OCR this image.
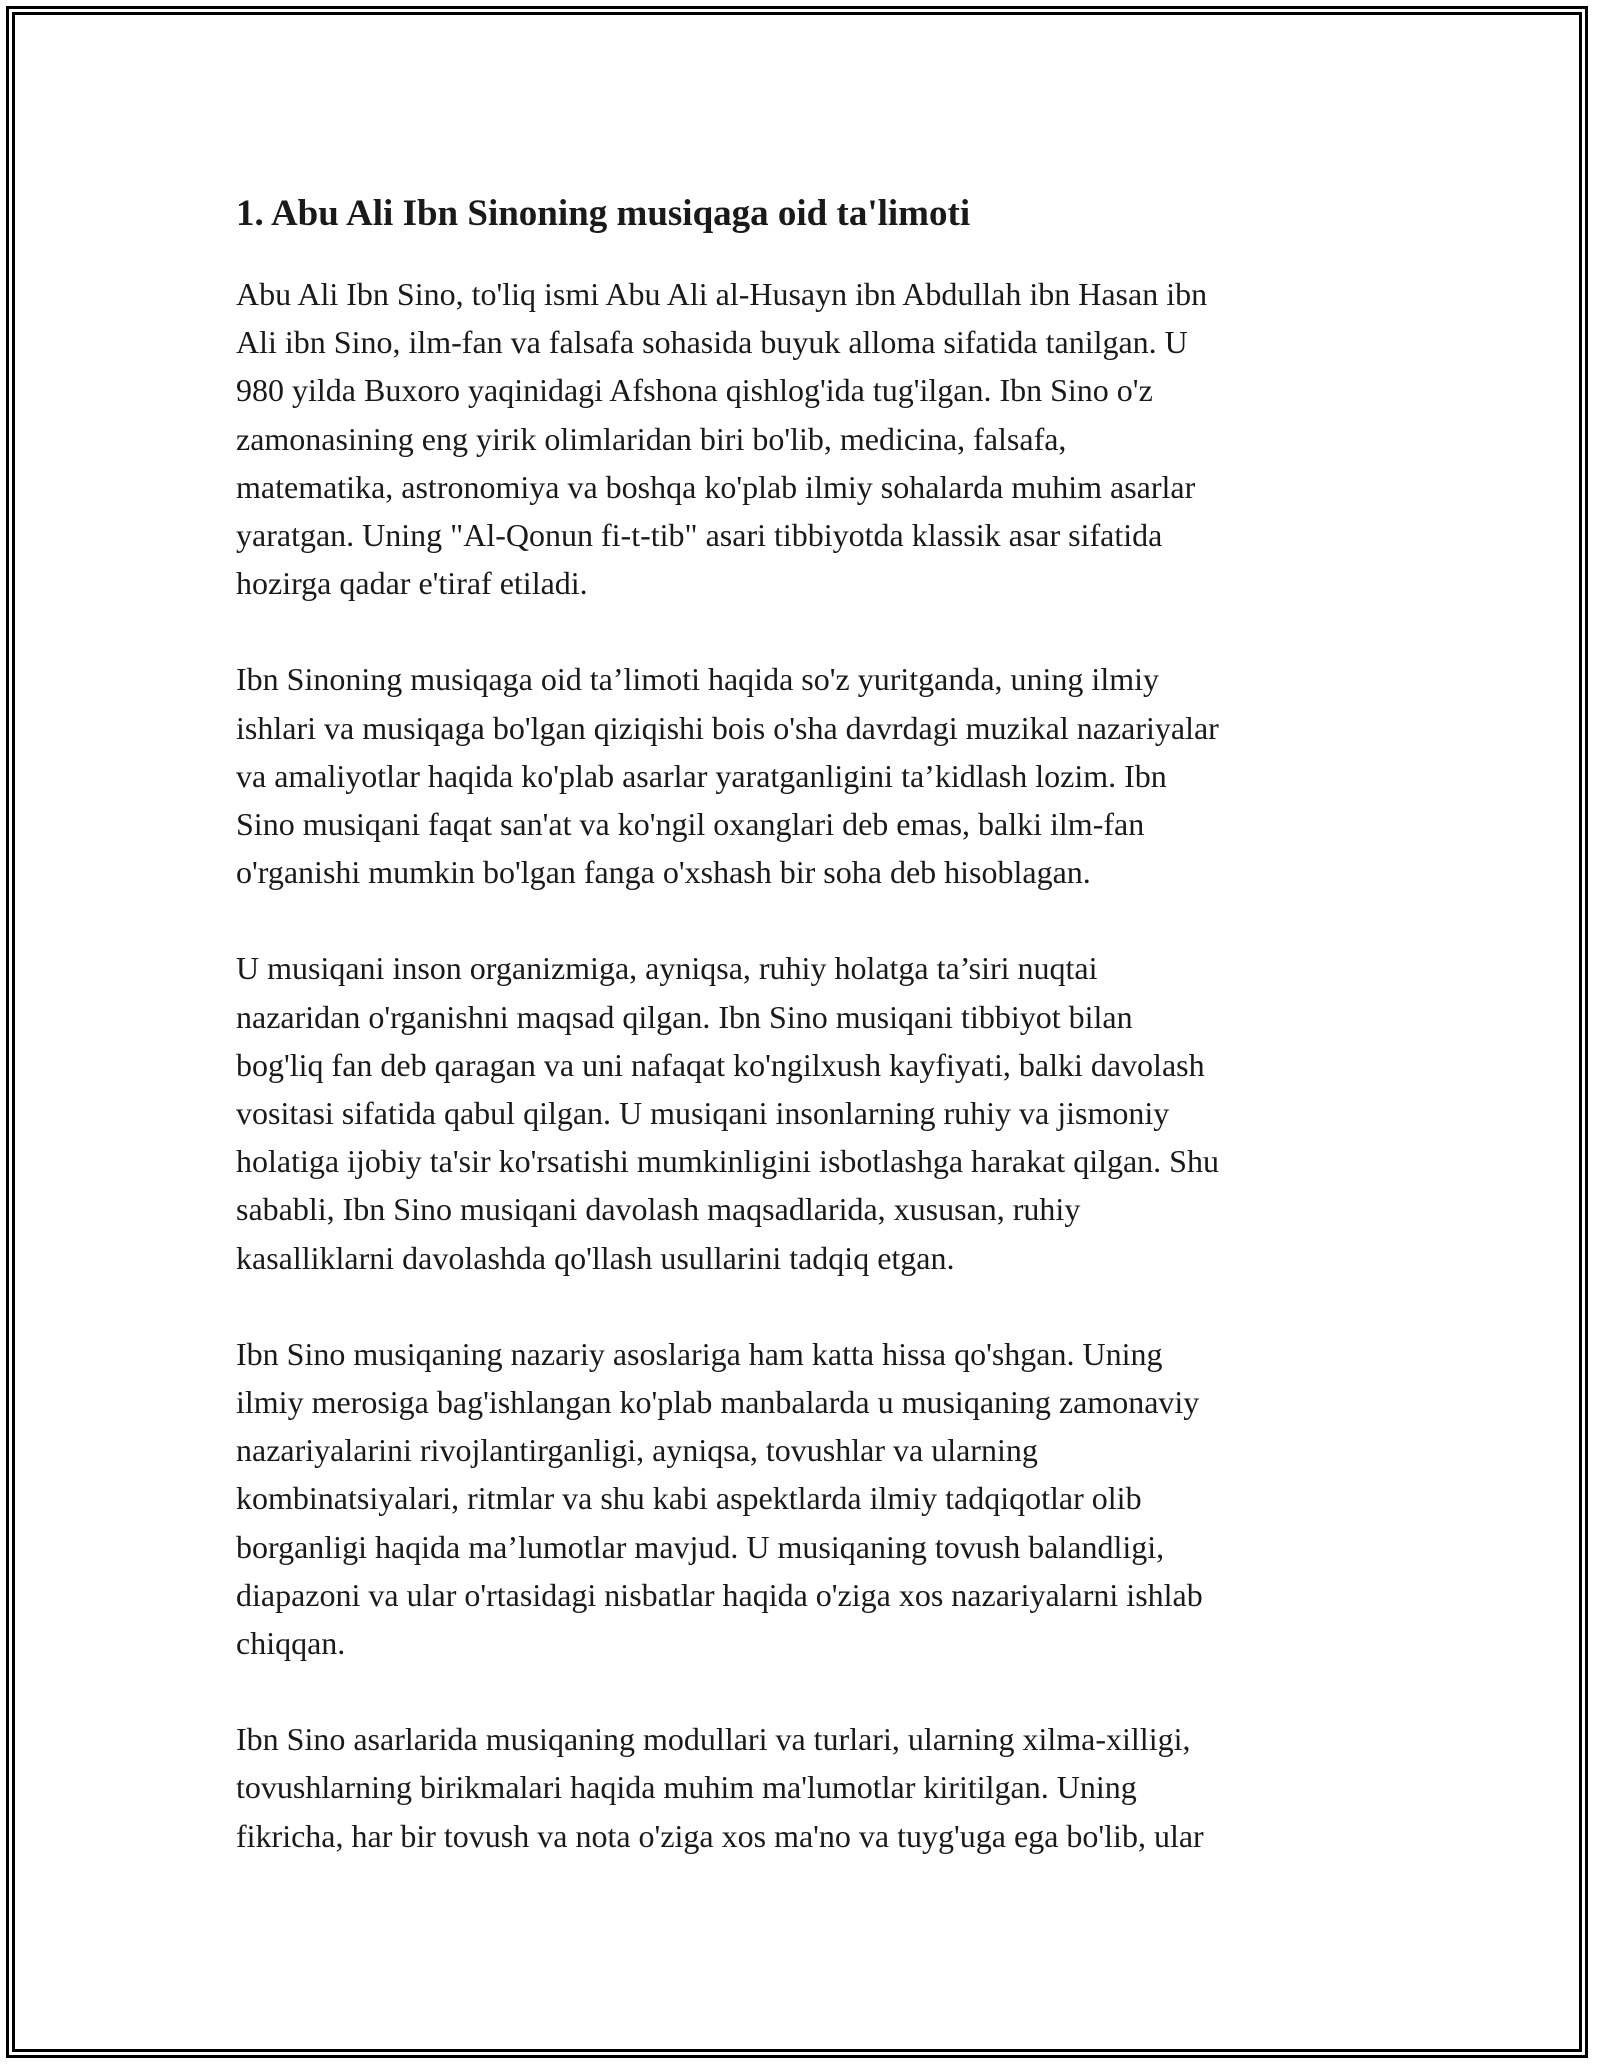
1. Abu Ali Ibn Sinoning musiqaga oid ta'limoti
Abu Ali Ibn Sino, to'liq ismi Abu Ali al-Husayn ibn Abdullah ibn Hasan ibn
Ali ibn Sino, ilm-fan va falsafa sohasida buyuk alloma sifatida tanilgan. U
980 yilda Buxoro yaqinidagi Afshona qishlog'ida tug'ilgan. Ibn Sino o'z
zamonasining eng yirik olimlaridan biri bo'lib, medicina, falsafa,
matematika, astronomiya va boshqa ko'plab ilmiy sohalarda muhim asarlar
yaratgan. Uning "Al-Qonun fi-t-tib" asari tibbiyotda klassik asar sifatida
hozirga qadar e'tiraf etiladi.
Ibn Sinoning musiqaga oid ta’limoti haqida so'z yuritganda, uning ilmiy
ishlari va musiqaga bo'lgan qiziqishi bois o'sha davrdagi muzikal nazariyalar
va amaliyotlar haqida ko'plab asarlar yaratganligini ta’kidlash lozim. Ibn
Sino musiqani faqat san'at va ko'ngil oxanglari deb emas, balki ilm-fan
o'rganishi mumkin bo'lgan fanga o'xshash bir soha deb hisoblagan.
U musiqani inson organizmiga, ayniqsa, ruhiy holatga ta’siri nuqtai
nazaridan o'rganishni maqsad qilgan. Ibn Sino musiqani tibbiyot bilan
bog'liq fan deb qaragan va uni nafaqat ko'ngilxush kayfiyati, balki davolash
vositasi sifatida qabul qilgan. U musiqani insonlarning ruhiy va jismoniy
holatiga ijobiy ta'sir ko'rsatishi mumkinligini isbotlashga harakat qilgan. Shu
sababli, Ibn Sino musiqani davolash maqsadlarida, xususan, ruhiy
kasalliklarni davolashda qo'llash usullarini tadqiq etgan.
Ibn Sino musiqaning nazariy asoslariga ham katta hissa qo'shgan. Uning
ilmiy merosiga bag'ishlangan ko'plab manbalarda u musiqaning zamonaviy
nazariyalarini rivojlantirganligi, ayniqsa, tovushlar va ularning
kombinatsiyalari, ritmlar va shu kabi aspektlarda ilmiy tadqiqotlar olib
borganligi haqida ma’lumotlar mavjud. U musiqaning tovush balandligi,
diapazoni va ular o'rtasidagi nisbatlar haqida o'ziga xos nazariyalarni ishlab
chiqqan.
Ibn Sino asarlarida musiqaning modullari va turlari, ularning xilma-xilligi,
tovushlarning birikmalari haqida muhim ma'lumotlar kiritilgan. Uning
fikricha, har bir tovush va nota o'ziga xos ma'no va tuyg'uga ega bo'lib, ular
